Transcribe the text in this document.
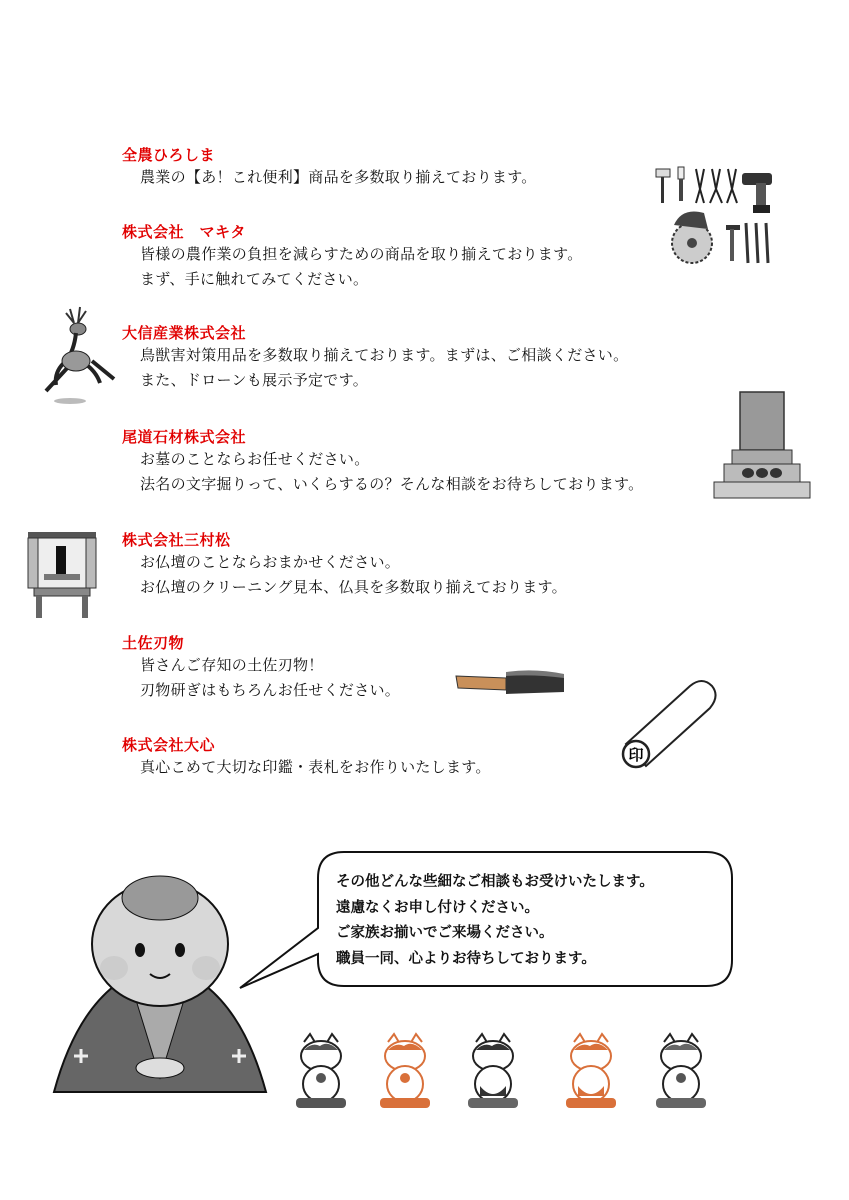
全農ひろしま
農業の【あ！これ便利】商品を多数取り揃えております。
株式会社　マキタ
皆様の農作業の負担を減らすための商品を取り揃えております。
まず、手に触れてみてください。
大信産業株式会社
鳥獣害対策用品を多数取り揃えております。まずは、ご相談ください。
また、ドローンも展示予定です。
尾道石材株式会社
お墓のことならお任せください。
法名の文字掘りって、いくらするの？そんな相談をお待ちしております。
株式会社三村松
お仏壇のことならおまかせください。
お仏壇のクリーニング見本、仏具を多数取り揃えております。
土佐刃物
皆さんご存知の土佐刃物！
刃物研ぎはもちろんお任せください。
株式会社大心
真心こめて大切な印鑑・表札をお作りいたします。
印
その他どんな些細なご相談もお受けいたします。
遠慮なくお申し付けください。
ご家族お揃いでご来場ください。
職員一同、心よりお待ちしております。
